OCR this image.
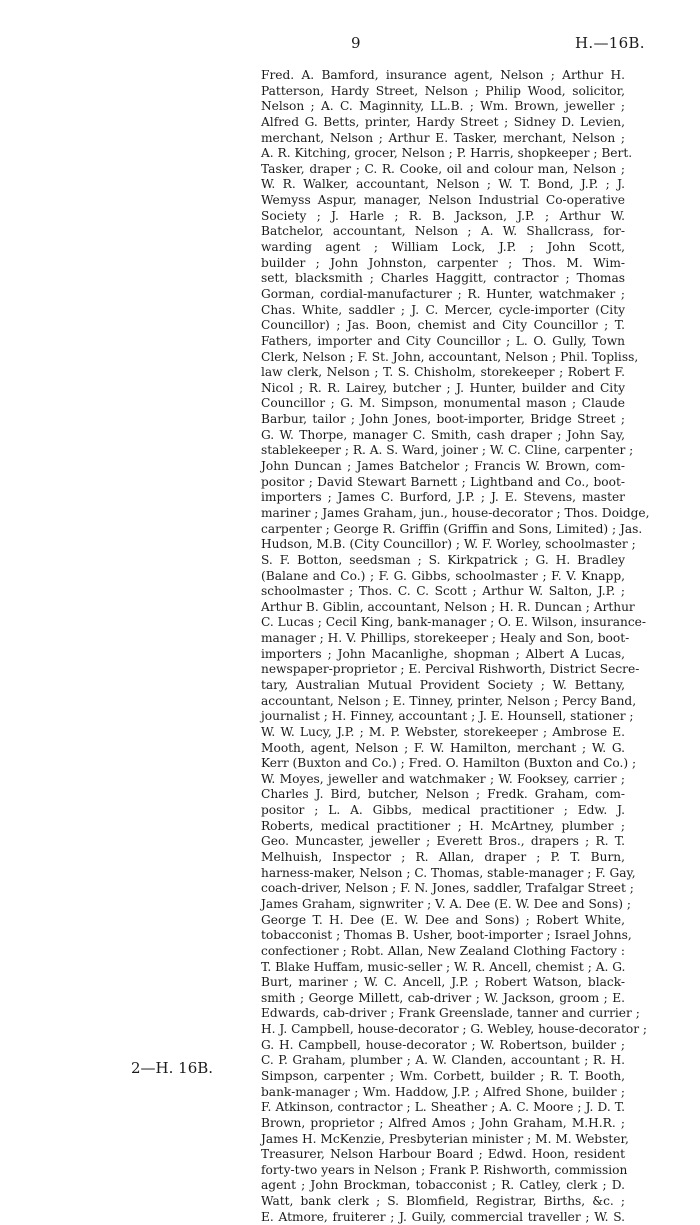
9	H.—16B.
Fred. A. Bamford, insurance agent, Nelson ; Arthur H.
Patterson, Hardy Street, Nelson ; Philip Wood, solicitor,
Nelson ; A. C. Maginnity, LL.B. ; Wm. Brown, jeweller ;
Alfred G. Betts, printer, Hardy Street ; Sidney D. Levien,
merchant, Nelson ; Arthur E. Tasker, merchant, Nelson ;
A. R. Kitching, grocer, Nelson ; P. Harris, shopkeeper ; Bert.
Tasker, draper ; C. R. Cooke, oil and colour man, Nelson ;
W. R. Walker, accountant, Nelson ; W. T. Bond, J.P. ; J.
Wemyss Aspur, manager, Nelson Industrial Co-operative
Society ; J. Harle ; R. B. Jackson, J.P. ; Arthur W.
Batchelor, accountant, Nelson ; A. W. Shallcrass, for-
warding agent ; William Lock, J.P. ; John Scott,
builder ; John Johnston, carpenter ; Thos. M. Wim-
sett, blacksmith ; Charles Haggitt, contractor ; Thomas
Gorman, cordial-manufacturer ; R. Hunter, watchmaker ;
Chas. White, saddler ; J. C. Mercer, cycle-importer (City
Councillor) ; Jas. Boon, chemist and City Councillor ; T.
Fathers, importer and City Councillor ; L. O. Gully, Town
Clerk, Nelson ; F. St. John, accountant, Nelson ; Phil. Topliss,
law clerk, Nelson ; T. S. Chisholm, storekeeper ; Robert F.
Nicol ; R. R. Lairey, butcher ; J. Hunter, builder and City
Councillor ; G. M. Simpson, monumental mason ; Claude
Barbur, tailor ; John Jones, boot-importer, Bridge Street ;
G. W. Thorpe, manager C. Smith, cash draper ; John Say,
stablekeeper ; R. A. S. Ward, joiner ; W. C. Cline, carpenter ;
John Duncan ; James Batchelor ; Francis W. Brown, com-
positor ; David Stewart Barnett ; Lightband and Co., boot-
importers ; James C. Burford, J.P. ; J. E. Stevens, master
mariner ; James Graham, jun., house-decorator ; Thos. Doidge,
carpenter ; George R. Griffin (Griffin and Sons, Limited) ; Jas.
Hudson, M.B. (City Councillor) ; W. F. Worley, schoolmaster ;
S. F. Botton, seedsman ; S. Kirkpatrick ; G. H. Bradley
(Balane and Co.) ; F. G. Gibbs, schoolmaster ; F. V. Knapp,
schoolmaster ; Thos. C. C. Scott ; Arthur W. Salton, J.P. ;
Arthur B. Giblin, accountant, Nelson ; H. R. Duncan ; Arthur
C. Lucas ; Cecil King, bank-manager ; O. E. Wilson, insurance-
manager ; H. V. Phillips, storekeeper ; Healy and Son, boot-
importers ; John Macanlighe, shopman ; Albert A Lucas,
newspaper-proprietor ; E. Percival Rishworth, District Secre-
tary, Australian Mutual Provident Society ; W. Bettany,
accountant, Nelson ; E. Tinney, printer, Nelson ; Percy Band,
journalist ; H. Finney, accountant ; J. E. Hounsell, stationer ;
W. W. Lucy, J.P. ; M. P. Webster, storekeeper ; Ambrose E.
Mooth, agent, Nelson ; F. W. Hamilton, merchant ; W. G.
Kerr (Buxton and Co.) ; Fred. O. Hamilton (Buxton and Co.) ;
W. Moyes, jeweller and watchmaker ; W. Fooksey, carrier ;
Charles J. Bird, butcher, Nelson ; Fredk. Graham, com-
positor ; L. A. Gibbs, medical practitioner ; Edw. J.
Roberts, medical practitioner ; H. McArtney, plumber ;
Geo. Muncaster, jeweller ; Everett Bros., drapers ; R. T.
Melhuish, Inspector ; R. Allan, draper ; P. T. Burn,
harness-maker, Nelson ; C. Thomas, stable-manager ; F. Gay,
coach-driver, Nelson ; F. N. Jones, saddler, Trafalgar Street ;
James Graham, signwriter ; V. A. Dee (E. W. Dee and Sons) ;
George T. H. Dee (E. W. Dee and Sons) ; Robert White,
tobacconist ; Thomas B. Usher, boot-importer ; Israel Johns,
confectioner ; Robt. Allan, New Zealand Clothing Factory :
T. Blake Huffam, music-seller ; W. R. Ancell, chemist ; A. G.
Burt, mariner ; W. C. Ancell, J.P. ; Robert Watson, black-
smith ; George Millett, cab-driver ; W. Jackson, groom ; E.
Edwards, cab-driver ; Frank Greenslade, tanner and currier ;
H. J. Campbell, house-decorator ; G. Webley, house-decorator ;
G. H. Campbell, house-decorator ; W. Robertson, builder ;
C. P. Graham, plumber ; A. W. Clanden, accountant ; R. H.
Simpson, carpenter ; Wm. Corbett, builder ; R. T. Booth,
bank-manager ; Wm. Haddow, J.P. ; Alfred Shone, builder ;
F. Atkinson, contractor ; L. Sheather ; A. C. Moore ; J. D. T.
Brown, proprietor ; Alfred Amos ; John Graham, M.H.R. ;
James H. McKenzie, Presbyterian minister ; M. M. Webster,
Treasurer, Nelson Harbour Board ; Edwd. Hoon, resident
forty-two years in Nelson ; Frank P. Rishworth, commission
agent ; John Brockman, tobacconist ; R. Catley, clerk ; D.
Watt, bank clerk ; S. Blomfield, Registrar, Births, &c. ;
E. Atmore, fruiterer ; J. Guily, commercial traveller ; W. S.
2—H. 16B.
